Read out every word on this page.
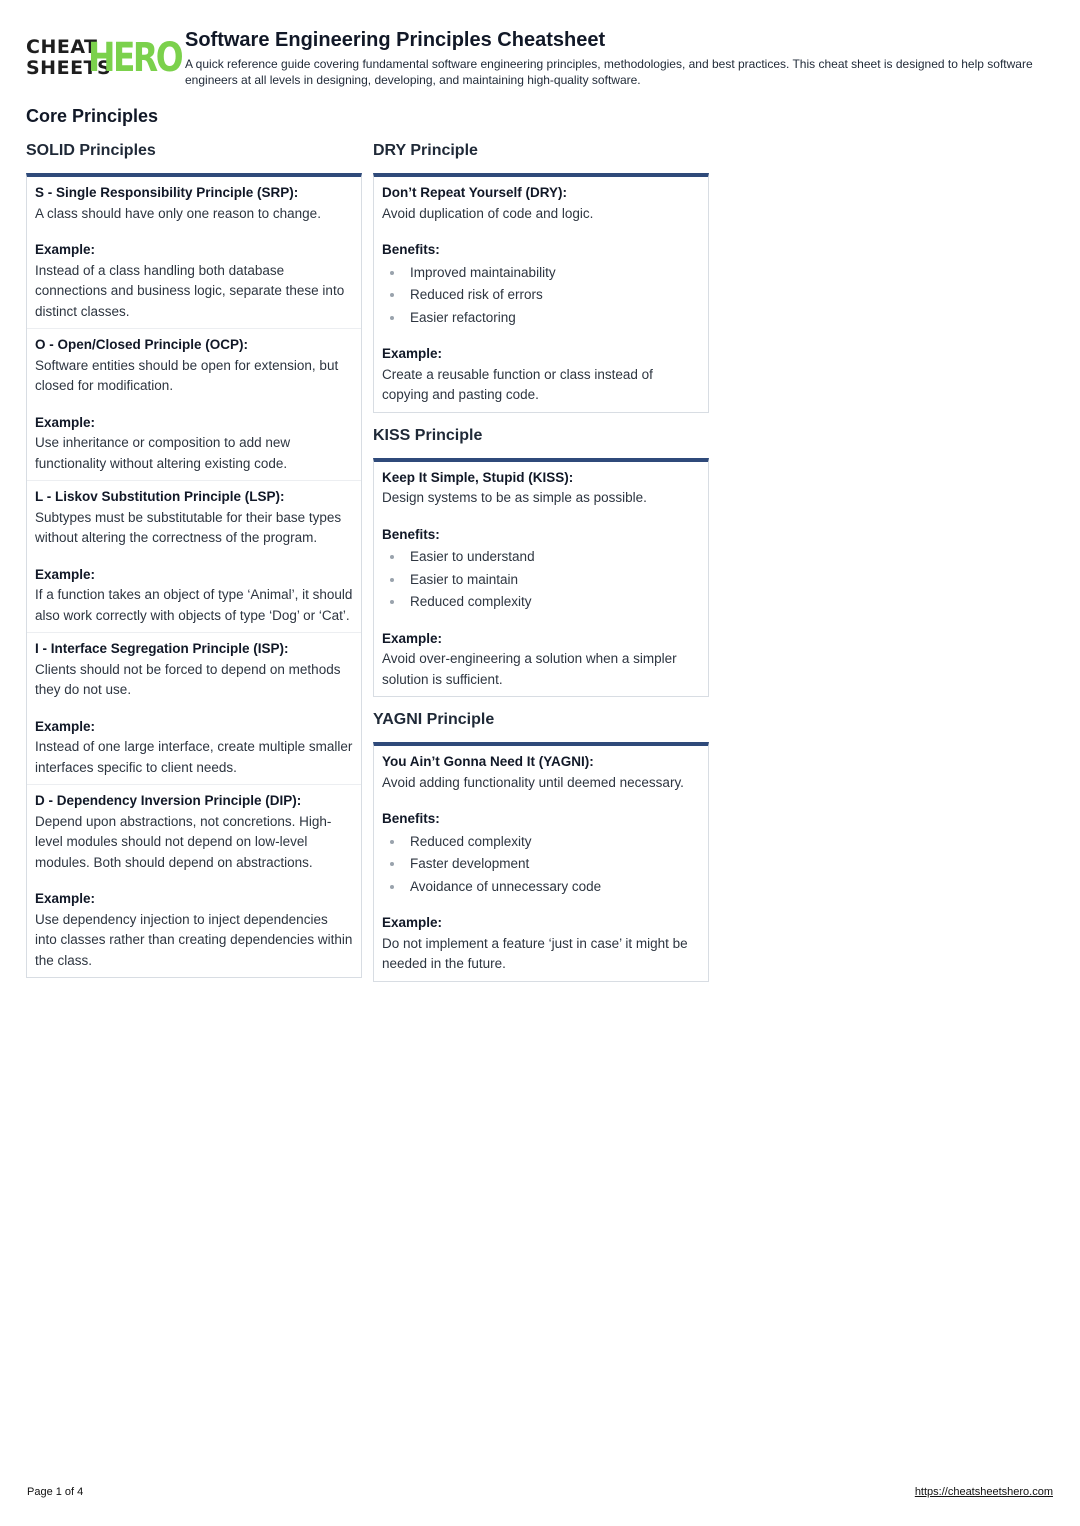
CHEAT
SHEETS
HERO Software Engineering Principles Cheatsheet

A quick reference guide covering fundamental software engineering principles, methodologies, and best practices. This cheat sheet is designed to help software engineers at all levels in designing, developing, and maintaining high-quality software.

Core Principles
SOLID Principles

S - Single Responsibility Principle (SRP):

A class should have only one reason to change.

Example:

Instead of a class handling both database connections and business logic, separate these into distinct classes.

O - Open/Closed Principle (OCP):

Software entities should be open for extension, but closed for modification.

Example:

Use inheritance or composition to add new functionality without altering existing code.

L - Liskov Substitution Principle (LSP):

Subtypes must be substitutable for their base types without altering the correctness of the program.

Example:

If a function takes an object of type ‘Animal’, it should also work correctly with objects of type ‘Dog’ or ‘Cat’.

I - Interface Segregation Principle (ISP):

Clients should not be forced to depend on methods they do not use.

Example:

Instead of one large interface, create multiple smaller interfaces specific to client needs.

D - Dependency Inversion Principle (DIP):

Depend upon abstractions, not concretions. High-level modules should not depend on low-level modules. Both should depend on abstractions.

Example:

Use dependency injection to inject dependencies into classes rather than creating dependencies within the class.

DRY Principle

Don’t Repeat Yourself (DRY):

Avoid duplication of code and logic.

Benefits:

Improved maintainability
Reduced risk of errors
Easier refactoring

Example:

Create a reusable function or class instead of copying and pasting code.

KISS Principle

Keep It Simple, Stupid (KISS):

Design systems to be as simple as possible.

Benefits:

Easier to understand
Easier to maintain
Reduced complexity

Example:

Avoid over-engineering a solution when a simpler solution is sufficient.

YAGNI Principle

You Ain’t Gonna Need It (YAGNI):

Avoid adding functionality until deemed necessary.

Benefits:

Reduced complexity
Faster development
Avoidance of unnecessary code

Example:

Do not implement a feature ‘just in case’ it might be needed in the future.

Page 1 of 4	https://cheatsheetshero.com
